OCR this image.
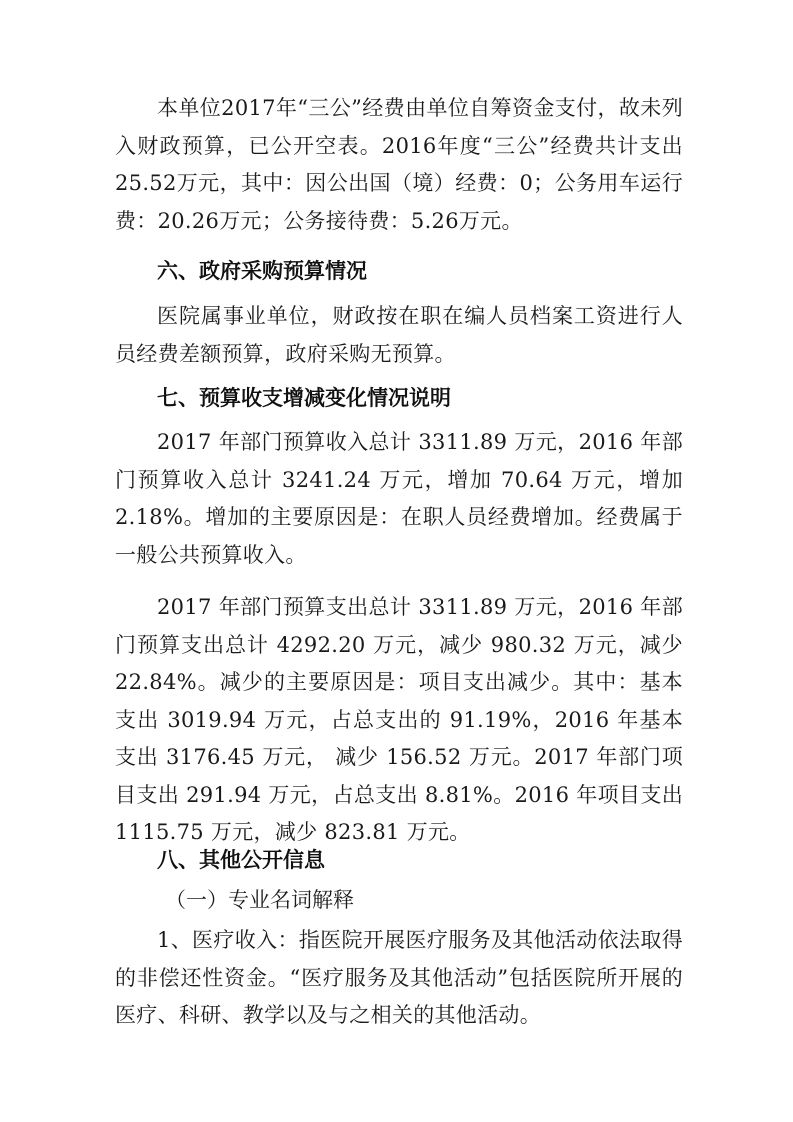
本单位2017年“三公”经费由单位自筹资金支付，故未列入财政预算，已公开空表。2016年度“三公”经费共计支出25.52万元，其中：因公出国（境）经费：0；公务用车运行费：20.26万元；公务接待费：5.26万元。

六、政府采购预算情况

医院属事业单位，财政按在职在编人员档案工资进行人员经费差额预算，政府采购无预算。

七、预算收支增减变化情况说明

2017 年部门预算收入总计 3311.89 万元，2016 年部门预算收入总计 3241.24 万元，增加 70.64 万元，增加 2.18%。增加的主要原因是：在职人员经费增加。经费属于一般公共预算收入。

2017 年部门预算支出总计 3311.89 万元，2016 年部门预算支出总计 4292.20 万元，减少 980.32 万元，减少 22.84%。减少的主要原因是：项目支出减少。其中：基本支出 3019.94 万元，占总支出的 91.19%，2016 年基本支出 3176.45 万元， 减少 156.52 万元。2017 年部门项目支出 291.94 万元，占总支出 8.81%。2016 年项目支出 1115.75 万元，减少 823.81 万元。

八、其他公开信息

（一）专业名词解释

1、医疗收入：指医院开展医疗服务及其他活动依法取得的非偿还性资金。“医疗服务及其他活动”包括医院所开展的医疗、科研、教学以及与之相关的其他活动。
